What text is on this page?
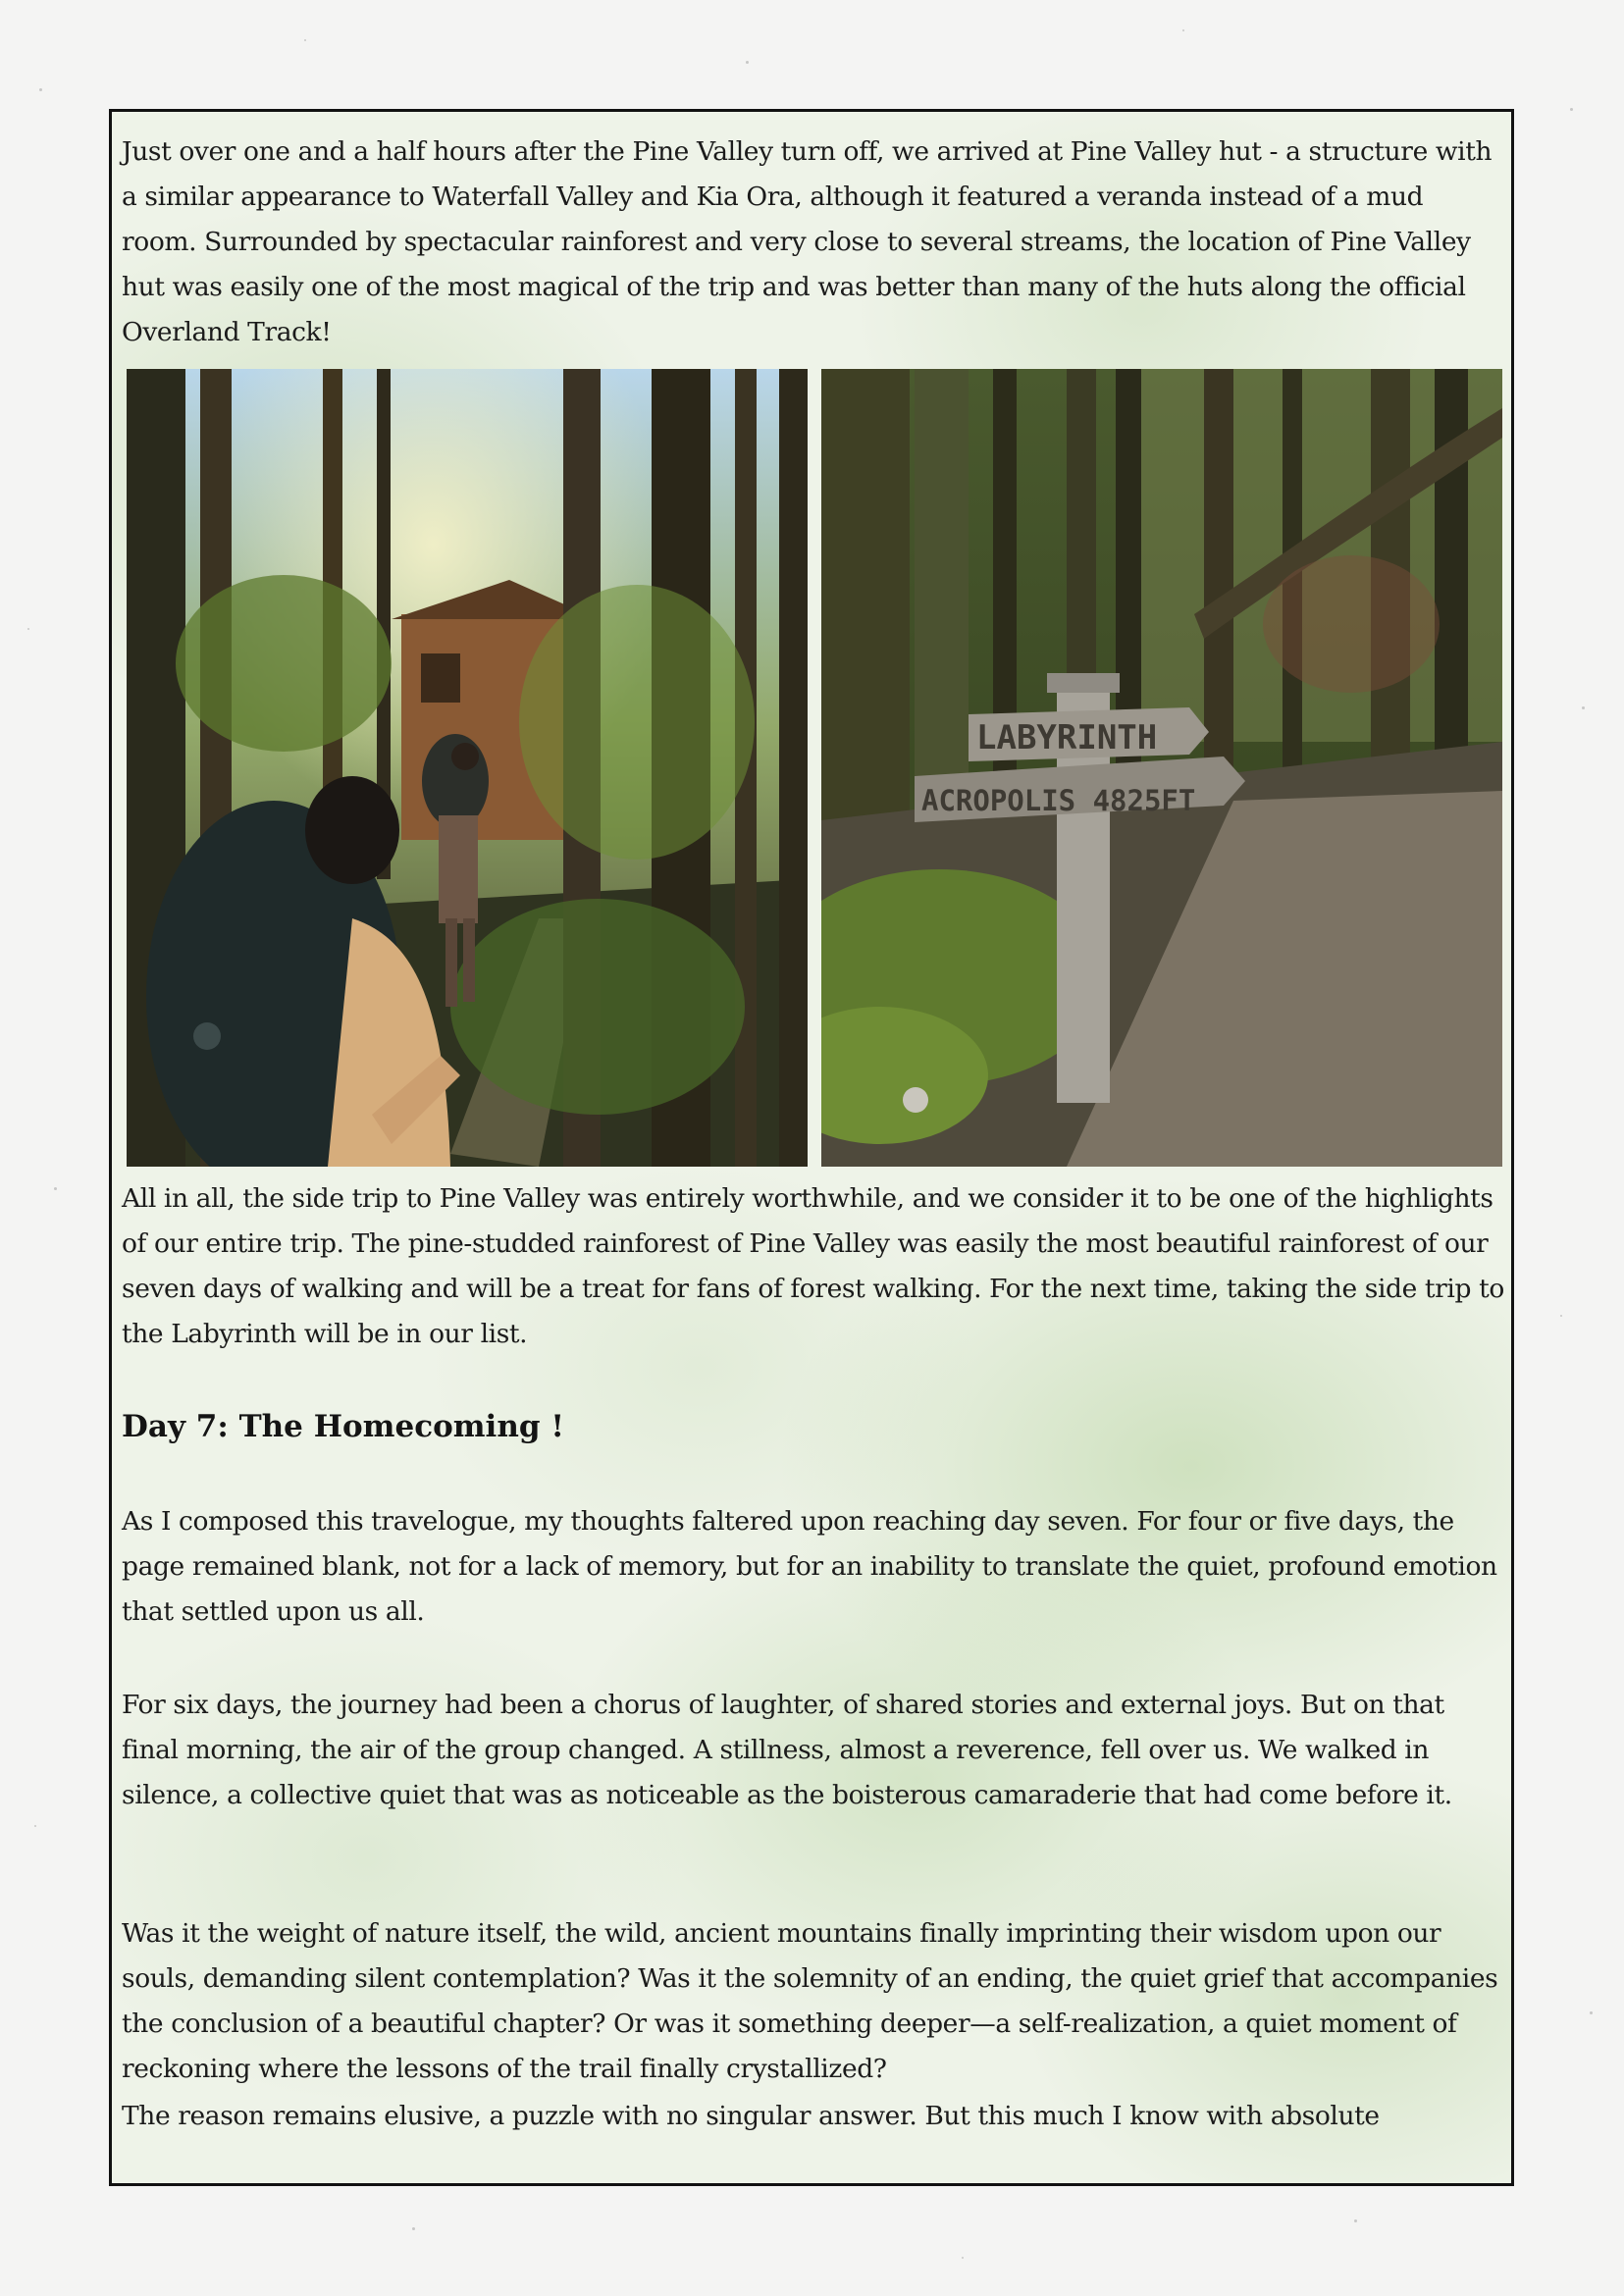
Just over one and a half hours after the Pine Valley turn off, we arrived at Pine Valley hut - a structure with a similar appearance to Waterfall Valley and Kia Ora, although it featured a veranda instead of a mud room. Surrounded by spectacular rainforest and very close to several streams, the location of Pine Valley hut was easily one of the most magical of the trip and was better than many of the huts along the official Overland Track!

LABYRINTH
ACROPOLIS 4825FT

All in all, the side trip to Pine Valley was entirely worthwhile, and we consider it to be one of the highlights of our entire trip. The pine-studded rainforest of Pine Valley was easily the most beautiful rainforest of our seven days of walking and will be a treat for fans of forest walking. For the next time, taking the side trip to the Labyrinth will be in our list.

Day 7: The Homecoming !

As I composed this travelogue, my thoughts faltered upon reaching day seven. For four or five days, the page remained blank, not for a lack of memory, but for an inability to translate the quiet, profound emotion that settled upon us all.

For six days, the journey had been a chorus of laughter, of shared stories and external joys. But on that final morning, the air of the group changed. A stillness, almost a reverence, fell over us. We walked in silence, a collective quiet that was as noticeable as the boisterous camaraderie that had come before it.

Was it the weight of nature itself, the wild, ancient mountains finally imprinting their wisdom upon our souls, demanding silent contemplation? Was it the solemnity of an ending, the quiet grief that accompanies the conclusion of a beautiful chapter? Or was it something deeper—a self-realization, a quiet moment of reckoning where the lessons of the trail finally crystallized?

The reason remains elusive, a puzzle with no singular answer. But this much I know with absolute
